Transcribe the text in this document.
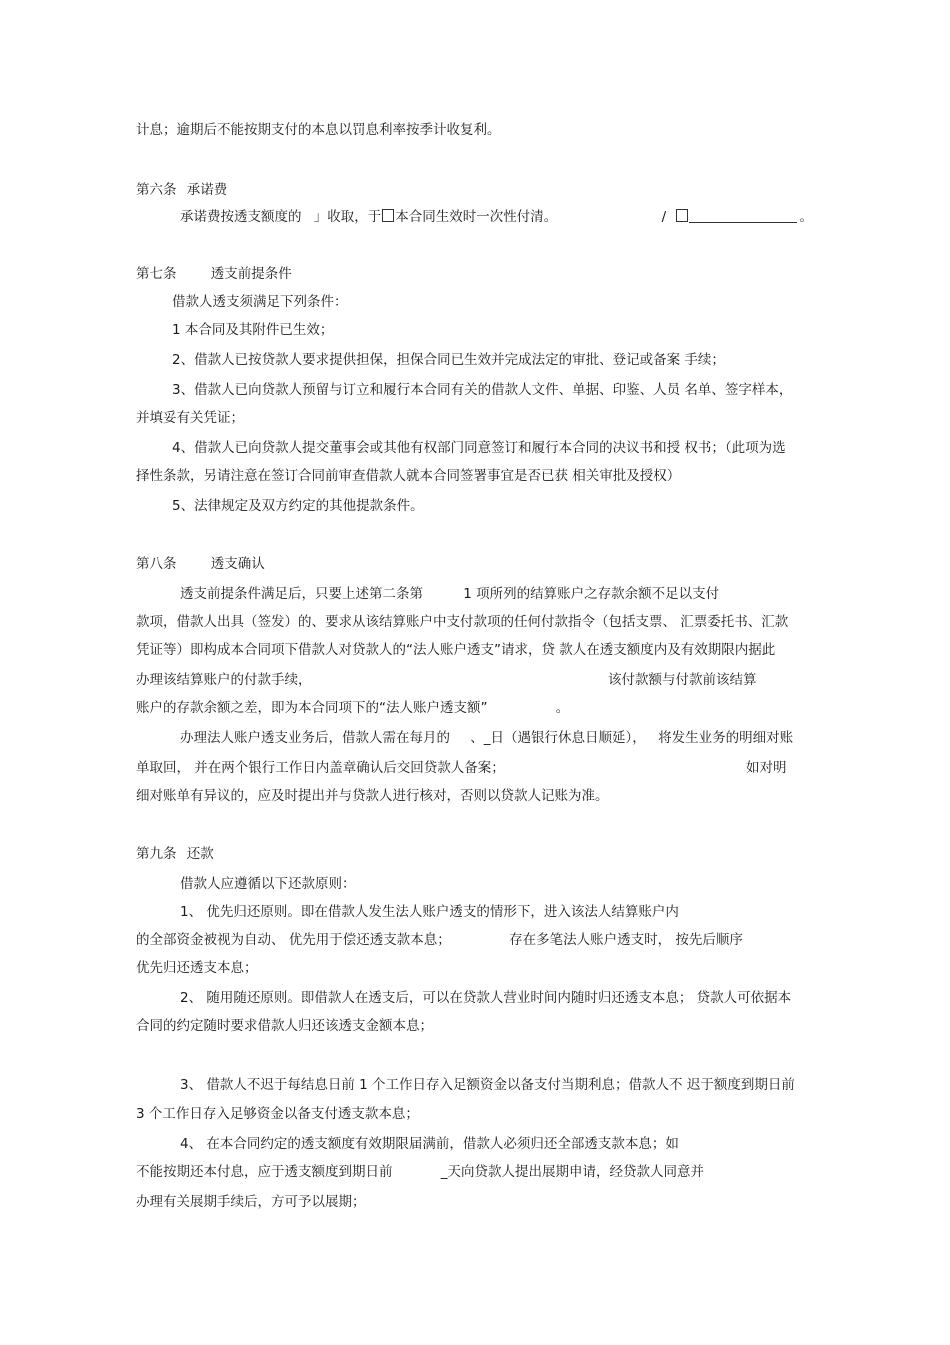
计息；逾期后不能按期支付的本息以罚息利率按季计收复利。
第六条 承诺费
承诺费按透支额度的 」收取，于 本合同生效时一次性付清。	/	。
第七条	透支前提条件
借款人透支须满足下列条件：
1 本合同及其附件已生效；
2、借款人已按贷款人要求提供担保，担保合同已生效并完成法定的审批、登记或备案 手续；
3、借款人已向贷款人预留与订立和履行本合同有关的借款人文件、单据、印鉴、人员 名单、签字样本，
并填妥有关凭证；
4、借款人已向贷款人提交董事会或其他有权部门同意签订和履行本合同的决议书和授 权书；（此项为选
择性条款，另请注意在签订合同前审查借款人就本合同签署事宜是否已获 相关审批及授权）
5、法律规定及双方约定的其他提款条件。
第八条	透支确认
透支前提条件满足后，只要上述第二条第	1 项所列的结算账户之存款余额不足以支付
款项，借款人出具（签发）的、要求从该结算账户中支付款项的任何付款指令（包括支票、 汇票委托书、汇款
凭证等）即构成本合同项下借款人对贷款人的“法人账户透支”请求，贷 款人在透支额度内及有效期限内据此
办理该结算账户的付款手续，	该付款额与付款前该结算
账户的存款余额之差，即为本合同项下的“法人账户透支额”	。
办理法人账户透支业务后，借款人需在每月的 、_日（遇银行休息日顺延）， 将发生业务的明细对账
单取回， 并在两个银行工作日内盖章确认后交回贷款人备案；	如对明
细对账单有异议的，应及时提出并与贷款人进行核对，否则以贷款人记账为准。
第九条 还款
借款人应遵循以下还款原则：
1、 优先归还原则。即在借款人发生法人账户透支的情形下，进入该法人结算账户内
的全部资金被视为自动、 优先用于偿还透支款本息；	存在多笔法人账户透支时， 按先后顺序
优先归还透支本息；
2、 随用随还原则。即借款人在透支后，可以在贷款人营业时间内随时归还透支本息； 贷款人可依据本
合同的约定随时要求借款人归还该透支金额本息；
3、 借款人不迟于每结息日前 1 个工作日存入足额资金以备支付当期利息；借款人不 迟于额度到期日前
3 个工作日存入足够资金以备支付透支款本息；
4、 在本合同约定的透支额度有效期限届满前，借款人必须归还全部透支款本息；如
不能按期还本付息，应于透支额度到期日前	_天向贷款人提出展期申请，经贷款人同意并
办理有关展期手续后，方可予以展期；
